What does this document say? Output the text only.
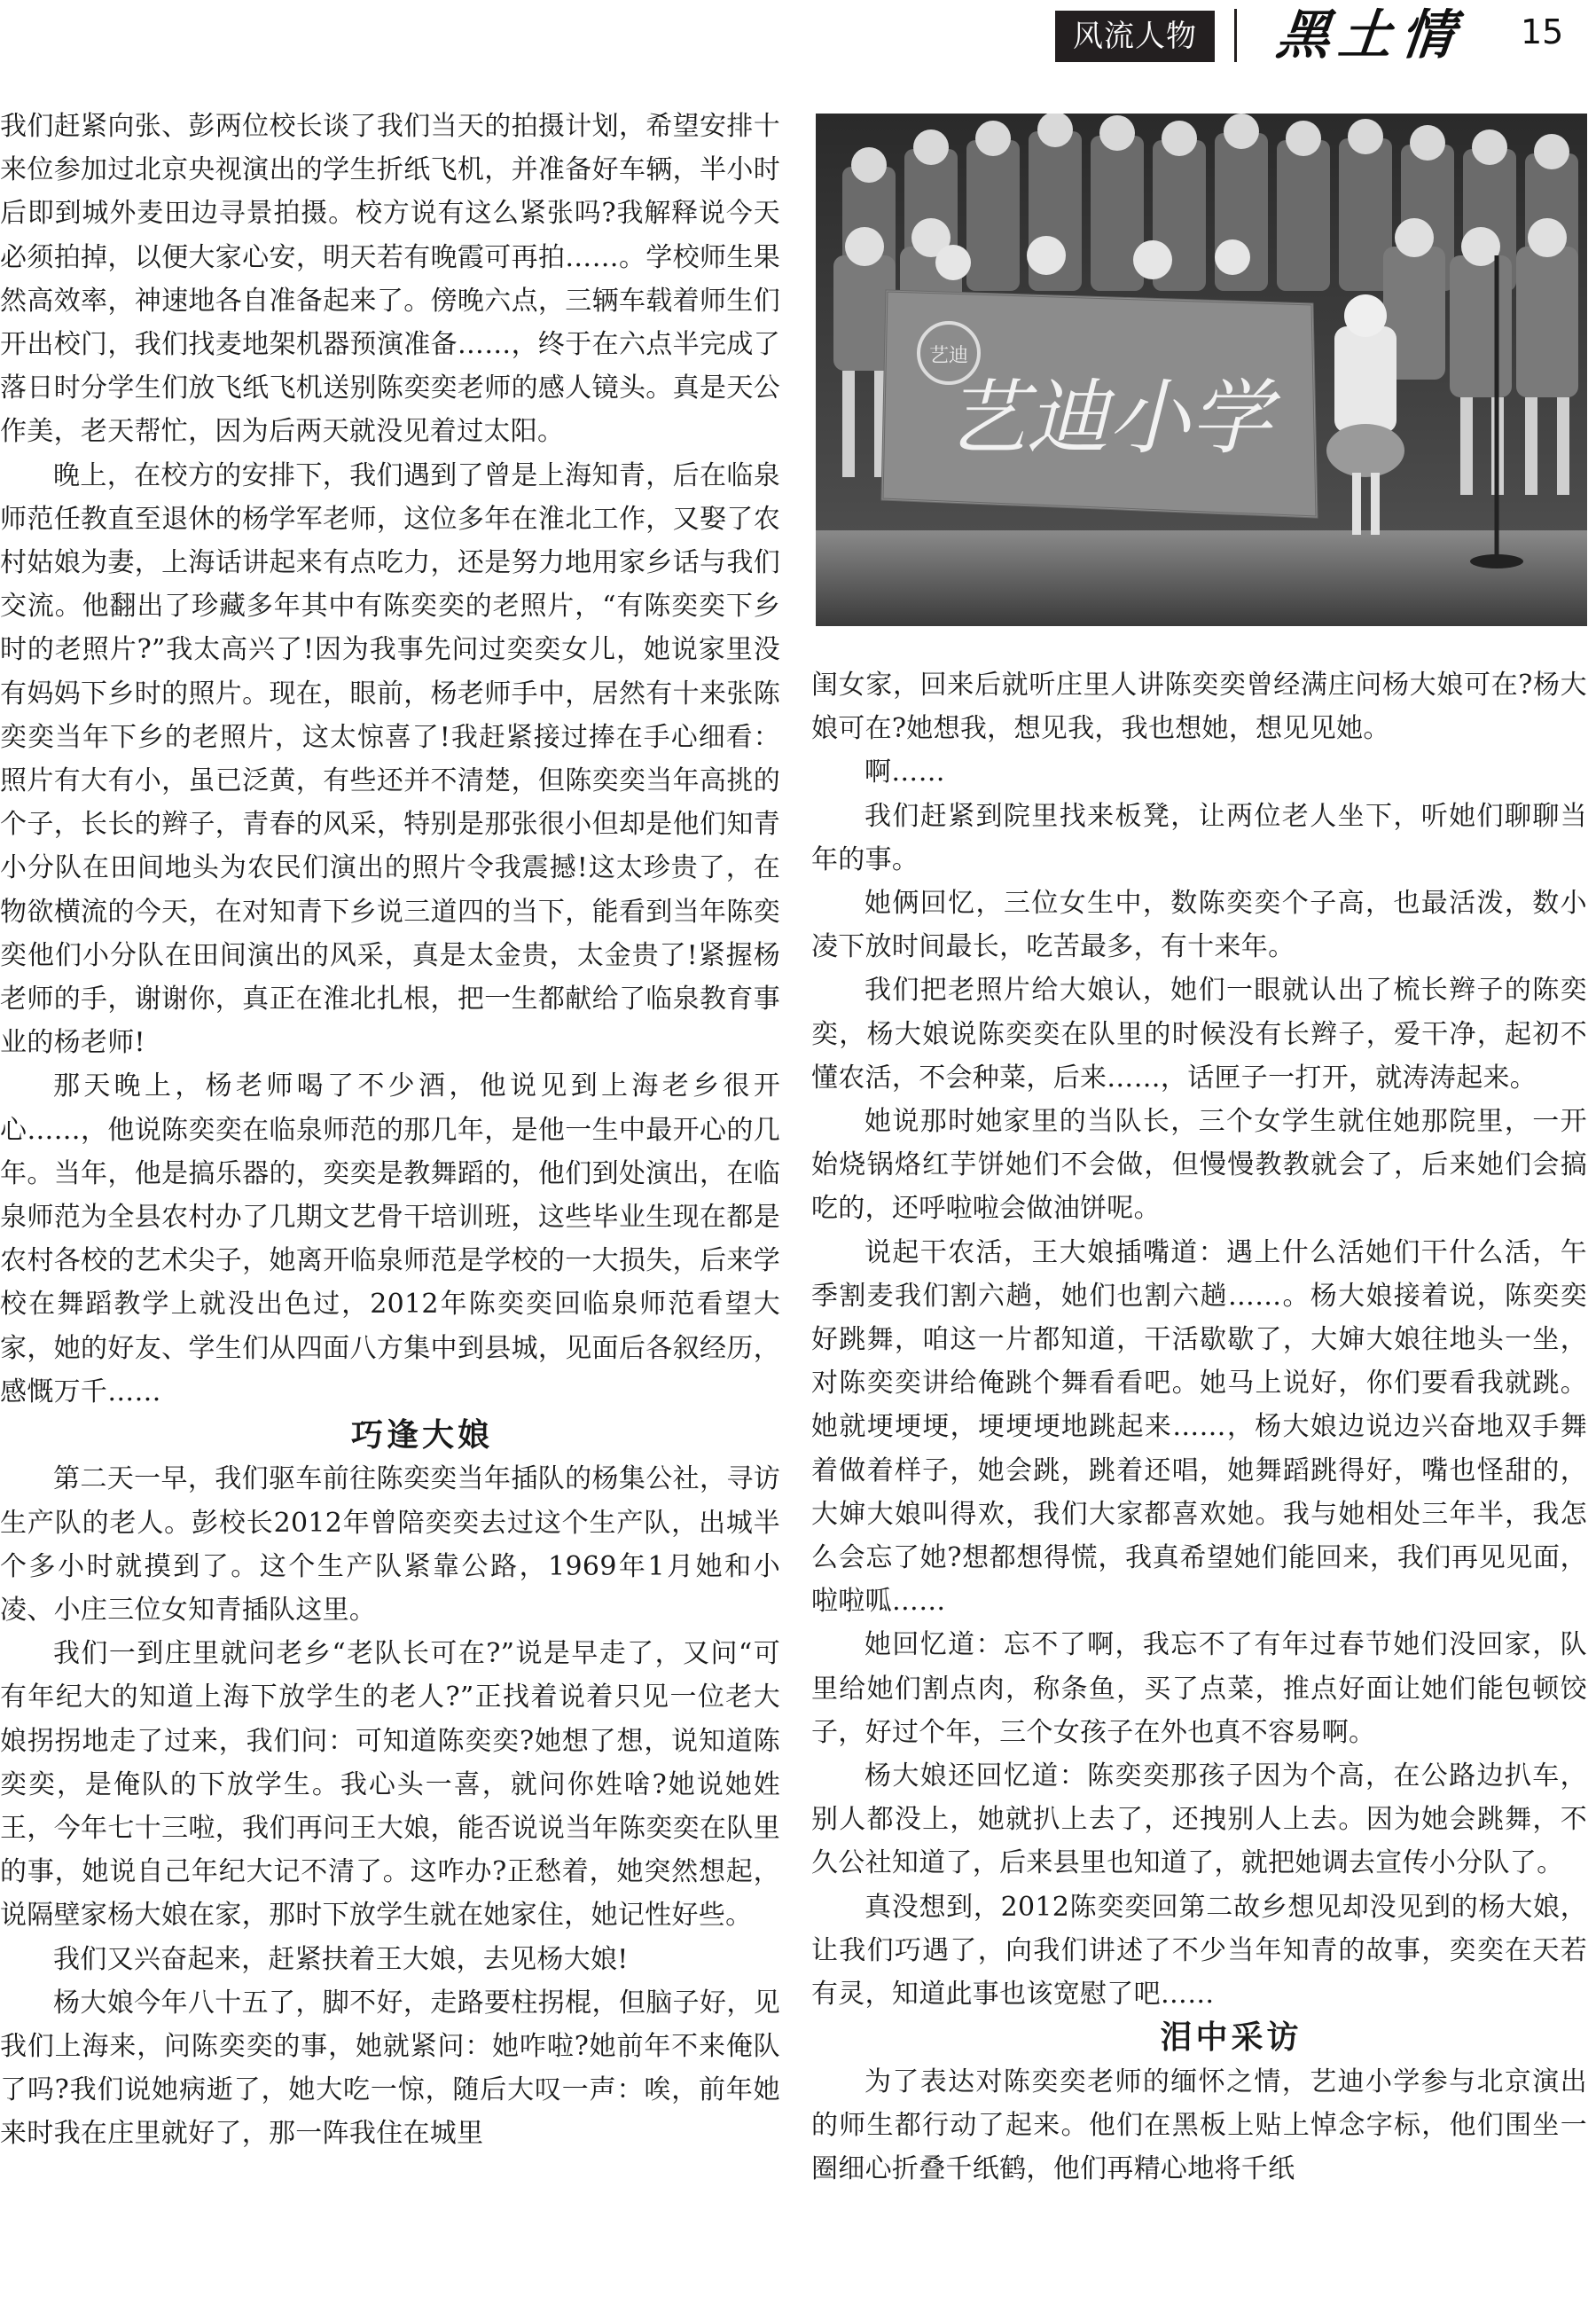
风流人物	黑土情 15

我们赶紧向张、彭两位校长谈了我们当天的拍摄计划，希望安排十来位参加过北京央视演出的学生折纸飞机，并准备好车辆，半小时后即到城外麦田边寻景拍摄。校方说有这么紧张吗?我解释说今天必须拍掉，以便大家心安，明天若有晚霞可再拍……。学校师生果然高效率，神速地各自准备起来了。傍晚六点，三辆车载着师生们开出校门，我们找麦地架机器预演准备……，终于在六点半完成了落日时分学生们放飞纸飞机送别陈奕奕老师的感人镜头。真是天公作美，老天帮忙，因为后两天就没见着过太阳。

晚上，在校方的安排下，我们遇到了曾是上海知青，后在临泉师范任教直至退休的杨学军老师，这位多年在淮北工作，又娶了农村姑娘为妻，上海话讲起来有点吃力，还是努力地用家乡话与我们交流。他翻出了珍藏多年其中有陈奕奕的老照片，“有陈奕奕下乡时的老照片?”我太高兴了!因为我事先问过奕奕女儿，她说家里没有妈妈下乡时的照片。现在，眼前，杨老师手中，居然有十来张陈奕奕当年下乡的老照片，这太惊喜了!我赶紧接过捧在手心细看：照片有大有小，虽已泛黄，有些还并不清楚，但陈奕奕当年高挑的个子，长长的辫子，青春的风采，特别是那张很小但却是他们知青小分队在田间地头为农民们演出的照片令我震撼!这太珍贵了，在物欲横流的今天，在对知青下乡说三道四的当下，能看到当年陈奕奕他们小分队在田间演出的风采，真是太金贵，太金贵了!紧握杨老师的手，谢谢你，真正在淮北扎根，把一生都献给了临泉教育事业的杨老师!

那天晚上，杨老师喝了不少酒，他说见到上海老乡很开心……，他说陈奕奕在临泉师范的那几年，是他一生中最开心的几年。当年，他是搞乐器的，奕奕是教舞蹈的，他们到处演出，在临泉师范为全县农村办了几期文艺骨干培训班，这些毕业生现在都是农村各校的艺术尖子，她离开临泉师范是学校的一大损失，后来学校在舞蹈教学上就没出色过，2012年陈奕奕回临泉师范看望大家，她的好友、学生们从四面八方集中到县城，见面后各叙经历，感慨万千……

巧逢大娘

第二天一早，我们驱车前往陈奕奕当年插队的杨集公社，寻访生产队的老人。彭校长2012年曾陪奕奕去过这个生产队，出城半个多小时就摸到了。这个生产队紧靠公路，1969年1月她和小凌、小庄三位女知青插队这里。

我们一到庄里就问老乡“老队长可在?”说是早走了，又问“可有年纪大的知道上海下放学生的老人?”正找着说着只见一位老大娘拐拐地走了过来，我们问：可知道陈奕奕?她想了想，说知道陈奕奕，是俺队的下放学生。我心头一喜，就问你姓啥?她说她姓王，今年七十三啦，我们再问王大娘，能否说说当年陈奕奕在队里的事，她说自己年纪大记不清了。这咋办?正愁着，她突然想起，说隔壁家杨大娘在家，那时下放学生就在她家住，她记性好些。

我们又兴奋起来，赶紧扶着王大娘，去见杨大娘!

杨大娘今年八十五了，脚不好，走路要柱拐棍，但脑子好，见我们上海来，问陈奕奕的事，她就紧问：她咋啦?她前年不来俺队了吗?我们说她病逝了，她大吃一惊，随后大叹一声：唉，前年她来时我在庄里就好了，那一阵我住在城里

艺迪
艺迪小学

闺女家，回来后就听庄里人讲陈奕奕曾经满庄问杨大娘可在?杨大娘可在?她想我，想见我，我也想她，想见见她。

啊……

我们赶紧到院里找来板凳，让两位老人坐下，听她们聊聊当年的事。

她俩回忆，三位女生中，数陈奕奕个子高，也最活泼，数小凌下放时间最长，吃苦最多，有十来年。

我们把老照片给大娘认，她们一眼就认出了梳长辫子的陈奕奕，杨大娘说陈奕奕在队里的时候没有长辫子，爱干净，起初不懂农活，不会种菜，后来……，话匣子一打开，就涛涛起来。

她说那时她家里的当队长，三个女学生就住她那院里，一开始烧锅烙红芋饼她们不会做，但慢慢教教就会了，后来她们会搞吃的，还呼啦啦会做油饼呢。

说起干农活，王大娘插嘴道：遇上什么活她们干什么活，午季割麦我们割六趟，她们也割六趟……。杨大娘接着说，陈奕奕好跳舞，咱这一片都知道，干活歇歇了，大婶大娘往地头一坐，对陈奕奕讲给俺跳个舞看看吧。她马上说好，你们要看我就跳。她就埂埂埂，埂埂埂地跳起来……，杨大娘边说边兴奋地双手舞着做着样子，她会跳，跳着还唱，她舞蹈跳得好，嘴也怪甜的，大婶大娘叫得欢，我们大家都喜欢她。我与她相处三年半，我怎么会忘了她?想都想得慌，我真希望她们能回来，我们再见见面，啦啦呱……

她回忆道：忘不了啊，我忘不了有年过春节她们没回家，队里给她们割点肉，称条鱼，买了点菜，推点好面让她们能包顿饺子，好过个年，三个女孩子在外也真不容易啊。

杨大娘还回忆道：陈奕奕那孩子因为个高，在公路边扒车，别人都没上，她就扒上去了，还拽别人上去。因为她会跳舞，不久公社知道了，后来县里也知道了，就把她调去宣传小分队了。

真没想到，2012陈奕奕回第二故乡想见却没见到的杨大娘，让我们巧遇了，向我们讲述了不少当年知青的故事，奕奕在天若有灵，知道此事也该宽慰了吧……

泪中采访

为了表达对陈奕奕老师的缅怀之情，艺迪小学参与北京演出的师生都行动了起来。他们在黑板上贴上悼念字标，他们围坐一圈细心折叠千纸鹤，他们再精心地将千纸
